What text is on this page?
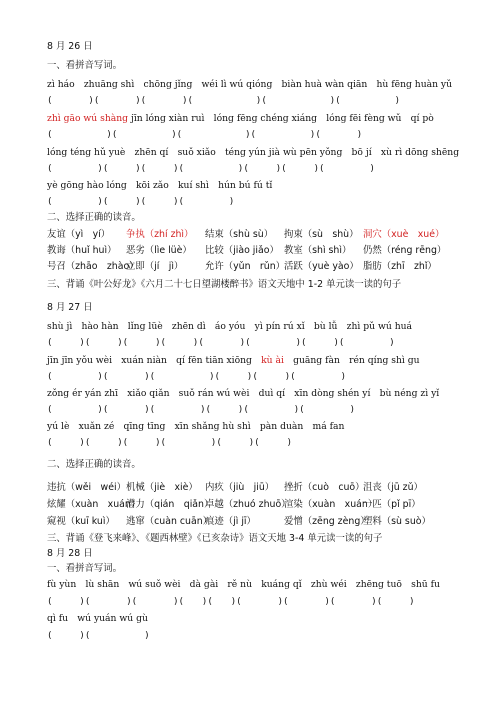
8 月 26 日
一、看拼音写词。
zì háo　zhuāng shì　chōng jǐng　wéi lì wú qióng　biàn huà wàn qiān　hù fēng huàn yǔ
(　　　　)(　　　　)(　　　　)(　　　　　　　)(　　　　　　　)(　　　　　　)
zhì gāo wú shàng jīn lóng xiàn ruì　lóng fēng chéng xiáng　lóng fēi fèng wǔ　qí pò
(　　　　　　)(　　　　　　)(　　　　　　　)(　　　　　　)(　　　　)
lóng téng hǔ yuè　zhēn qí　suǒ xiǎo　téng yún jià wù pēn yǒng　bō jí　xù rì dōng shēng
(　　　　　)(　　　)(　　　)(　　　　　　)(　　　)(　　　)(　　　　　)
yè gōng hào lóng　kōi zǎo　kuí shì　hún bú fú tǐ
(　　　　　)(　　　)(　　　)(　　　　　)
二、选择正确的读音。
友谊（yì　yí） 争执（zhí zhì） 结束（shù sù） 拘束（sù　shù） 洞穴（xuè　xué）
教诲（huǐ huì） 恶劣（lìe lüè） 比较（jiào jiǎo） 教室（shì shì） 仍然（réng rēng）
号召（zhāo　zhào）立即（jí　jì） 允许（yǔn　rǔn）活跃（yuè yào） 脂肪（zhī　zhǐ）
三、背诵《叶公好龙》《六月二十七日望湖楼醉书》语文天地中 1-2 单元读一读的句子
8 月 27 日
shù jì　hào hàn　lǐng lüè　zhēn dì　áo yóu　yì pín rú xǐ　bù lǚ　zhì pǔ wú huá
(　　　)(　　　)(　　　)(　　　)(　　　　)(　　　　　)(　　　)(　　　　　)
jīn jīn yǒu wèi　xuán niàn　qí fēn tiān xiōng　kù ài　guāng fàn　rén qíng shì gu
(　　　　　)(　　　　)(　　　　　　)(　　　)(　　　)(　　　　　)
zǒng ér yán zhī　xiǎo qiǎn　suǒ rán wú wèi　duì qí　xīn dòng shén yí　bù néng zì yǐ
(　　　　　)(　　　　)(　　　　　)(　　　)(　　　　　)(　　　　　)
yú lè　xuǎn zé　qīng tīng　xīn shǎng hù shì　pàn duàn　má fan
(　　　)(　　　)(　　　)(　　　　　)(　　　)(　　　)
二、选择正确的读音。
违抗（wěi　wéi）机械（jiè　xiè） 内疚（jiù　jiū） 挫折（cuò　cuō）沮丧（jū zǔ）
炫耀（xuàn　xuán）潜力（qián　qiǎn）卓越（zhuó zhuō）渲染（xuàn　xuán）一匹（pǐ pī）
窥视（kuī kuì） 逃窜（cuàn cuān）痕迹（jì jī）	爱憎（zēng zèng）塑料（sù suò）
三、背诵《登飞来峰》、《题西林壁》《已亥杂诗》语文天地 3-4 单元读一读的句子
8 月 28 日
一、看拼音写词。
fù yùn　lù shān　wú suǒ wèi　dà gài　rě nù　kuáng qǐ　zhù wéi　zhēng tuō　shū fu
(　　　)(　　　　)(　　　　)(　　)(　　)(　　　　)(　　　　)(　　　　)(　　　)
qì fu　wú yuán wú gù
(　　　)(　　　　　　)
